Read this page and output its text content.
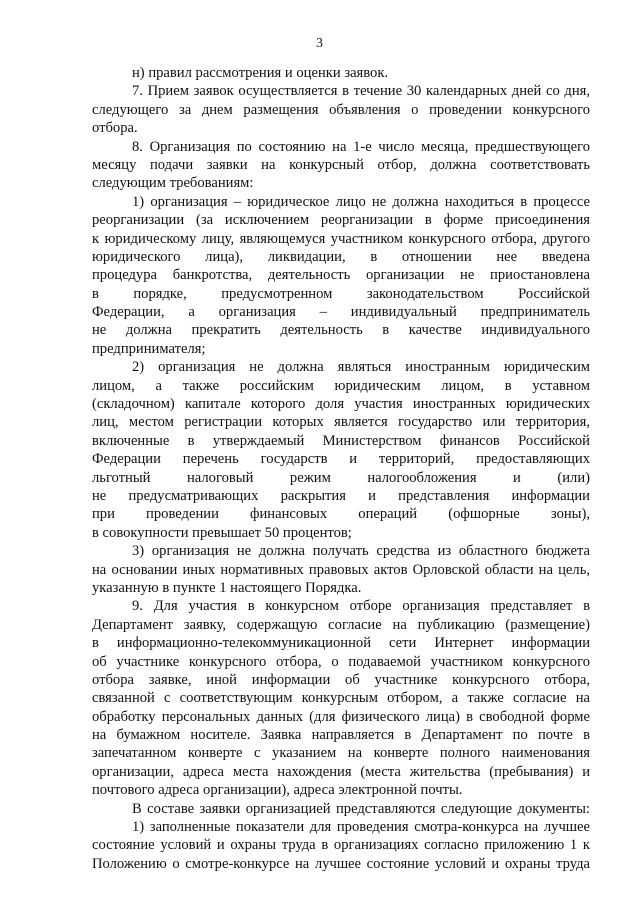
3
н) правил рассмотрения и оценки заявок.
7. Прием заявок осуществляется в течение 30 календарных дней со дня,
следующего за днем размещения объявления о проведении конкурсного
отбора.
8. Организация по состоянию на 1-е число месяца, предшествующего
месяцу подачи заявки на конкурсный отбор, должна соответствовать
следующим требованиям:
1) организация – юридическое лицо не должна находиться в процессе
реорганизации (за исключением реорганизации в форме присоединения
к юридическому лицу, являющемуся участником конкурсного отбора, другого
юридического лица), ликвидации, в отношении нее введена
процедура банкротства, деятельность организации не приостановлена
в порядке, предусмотренном законодательством Российской
Федерации, а организация – индивидуальный предприниматель
не должна прекратить деятельность в качестве индивидуального
предпринимателя;
2) организация не должна являться иностранным юридическим
лицом, а также российским юридическим лицом, в уставном
(складочном) капитале которого доля участия иностранных юридических
лиц, местом регистрации которых является государство или территория,
включенные в утверждаемый Министерством финансов Российской
Федерации перечень государств и территорий, предоставляющих
льготный налоговый режим налогообложения и (или)
не предусматривающих раскрытия и представления информации
при проведении финансовых операций (офшорные зоны),
в совокупности превышает 50 процентов;
3) организация не должна получать средства из областного бюджета
на основании иных нормативных правовых актов Орловской области на цель,
указанную в пункте 1 настоящего Порядка.
9. Для участия в конкурсном отборе организация представляет в
Департамент заявку, содержащую согласие на публикацию (размещение)
в информационно-телекоммуникационной сети Интернет информации
об участнике конкурсного отбора, о подаваемой участником конкурсного
отбора заявке, иной информации об участнике конкурсного отбора,
связанной с соответствующим конкурсным отбором, а также согласие на
обработку персональных данных (для физического лица) в свободной форме
на бумажном носителе. Заявка направляется в Департамент по почте в
запечатанном конверте с указанием на конверте полного наименования
организации, адреса места нахождения (места жительства (пребывания) и
почтового адреса организации), адреса электронной почты.
В составе заявки организацией представляются следующие документы:
1) заполненные показатели для проведения смотра-конкурса на лучшее
состояние условий и охраны труда в организациях согласно приложению 1 к
Положению о смотре-конкурсе на лучшее состояние условий и охраны труда
